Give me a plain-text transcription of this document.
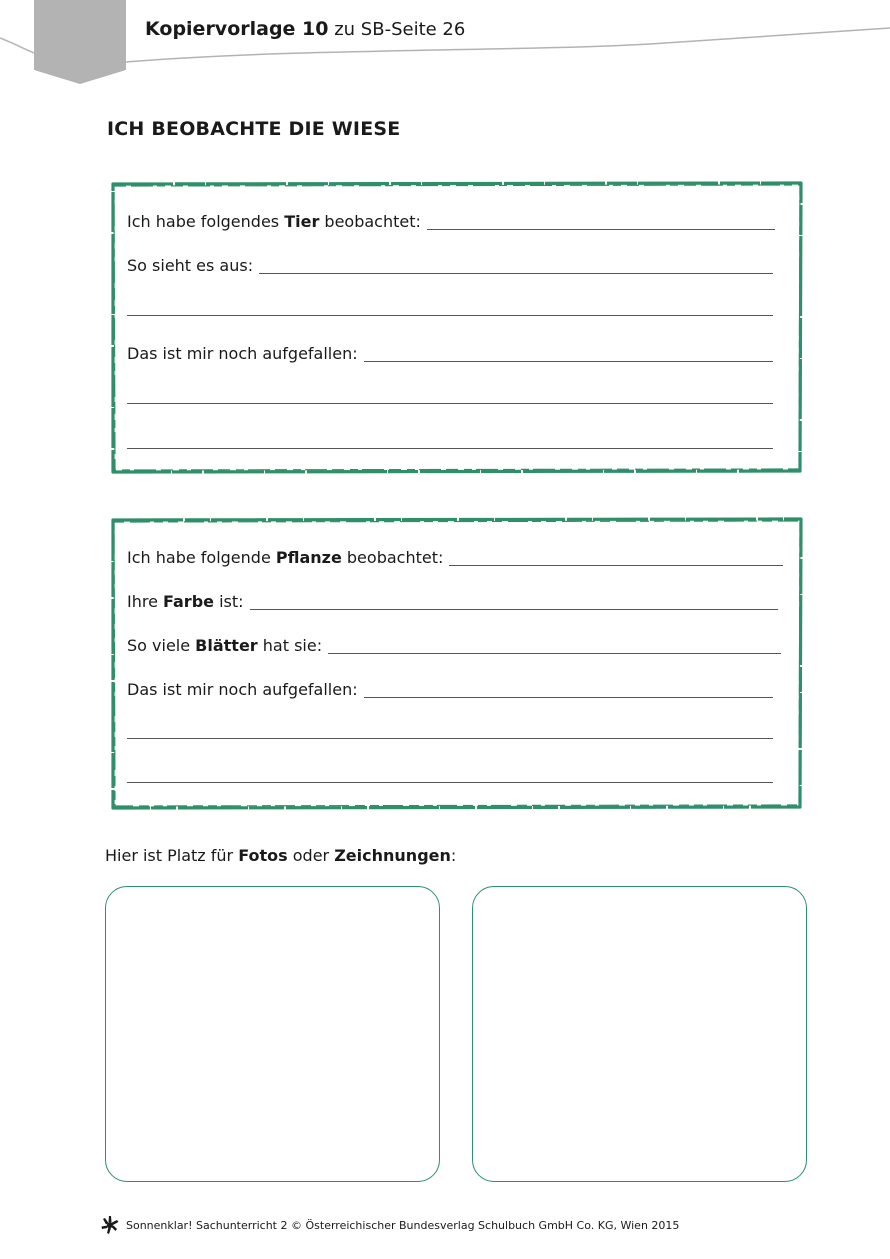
Kopiervorlage 10 zu SB-Seite 26
ICH BEOBACHTE DIE WIESE
Ich habe folgendes Tier beobachtet:
So sieht es aus:
Das ist mir noch aufgefallen:
Ich habe folgende Pflanze beobachtet:
Ihre Farbe ist:
So viele Blätter hat sie:
Das ist mir noch aufgefallen:
Hier ist Platz für Fotos oder Zeichnungen:
Sonnenklar! Sachunterricht 2 © Österreichischer Bundesverlag Schulbuch GmbH Co. KG, Wien 2015
